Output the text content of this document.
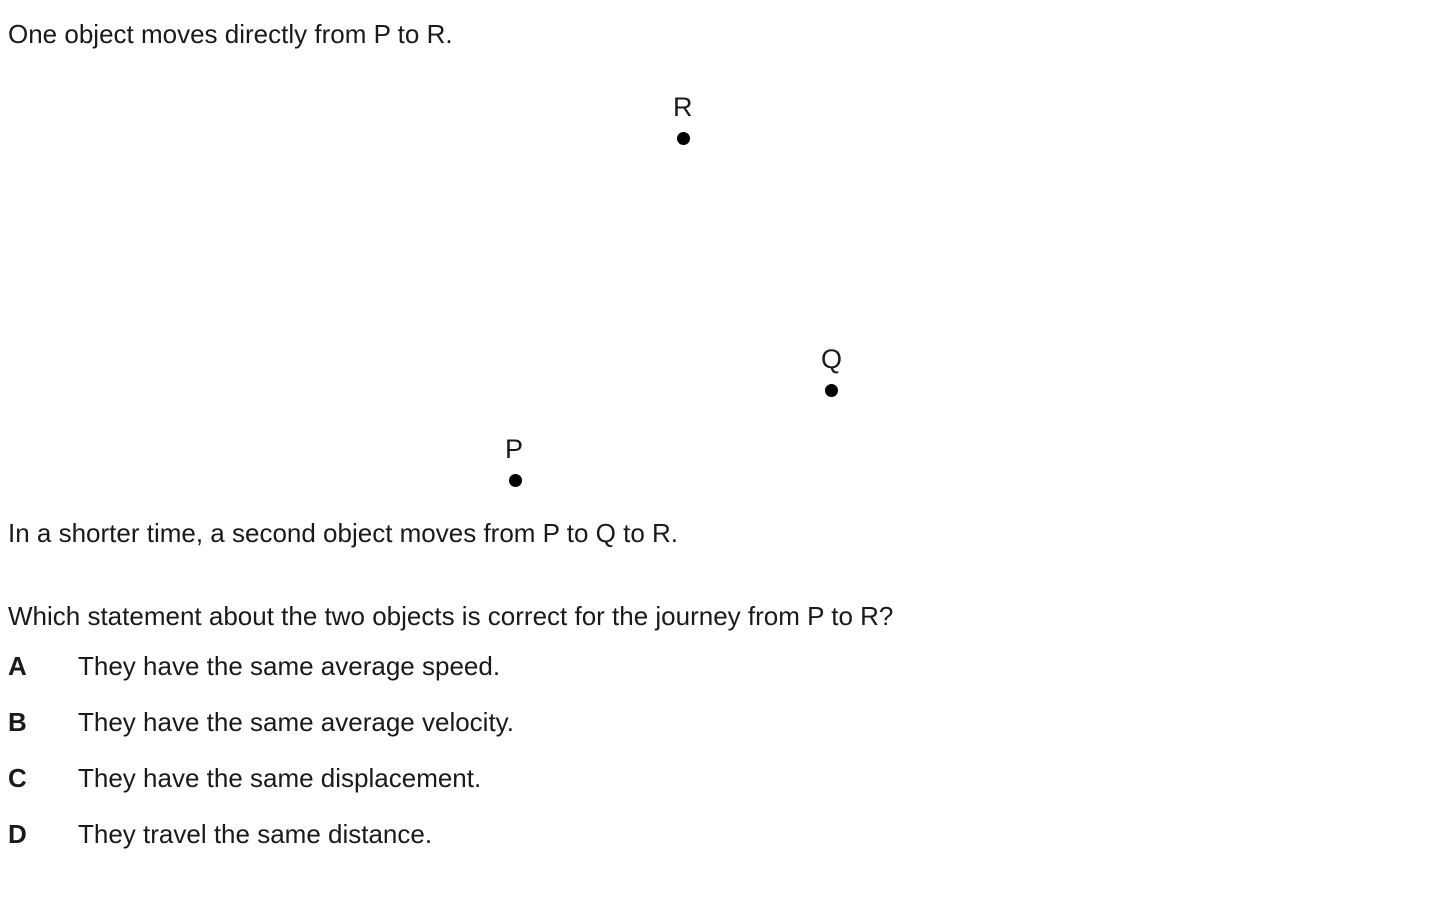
One object moves directly from P to R.
R
Q
P
In a shorter time, a second object moves from P to Q to R.
Which statement about the two objects is correct for the journey from P to R?
A They have the same average speed.
B They have the same average velocity.
C They have the same displacement.
D They travel the same distance.
